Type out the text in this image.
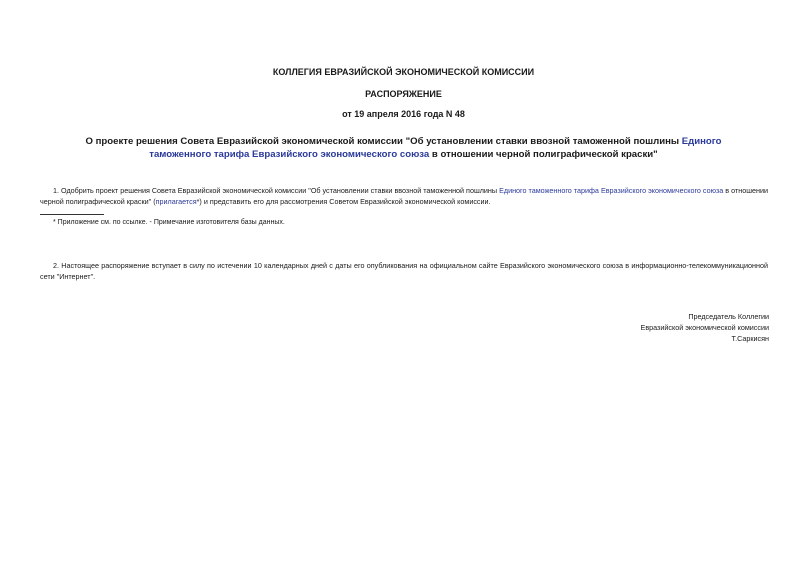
КОЛЛЕГИЯ ЕВРАЗИЙСКОЙ ЭКОНОМИЧЕСКОЙ КОМИССИИ
РАСПОРЯЖЕНИЕ
от 19 апреля 2016 года N 48
О проекте решения Совета Евразийской экономической комиссии "Об установлении ставки ввозной таможенной пошлины Единого таможенного тарифа Евразийского экономического союза в отношении черной полиграфической краски"
1. Одобрить проект решения Совета Евразийской экономической комиссии "Об установлении ставки ввозной таможенной пошлины Единого таможенного тарифа Евразийского экономического союза в отношении черной полиграфической краски" (прилагается*) и представить его для рассмотрения Советом Евразийской экономической комиссии.
* Приложение см. по ссылке. - Примечание изготовителя базы данных.
2. Настоящее распоряжение вступает в силу по истечении 10 календарных дней с даты его опубликования на официальном сайте Евразийского экономического союза в информационно-телекоммуникационной сети "Интернет".
Председатель Коллегии
Евразийской экономической комиссии
Т.Саркисян
